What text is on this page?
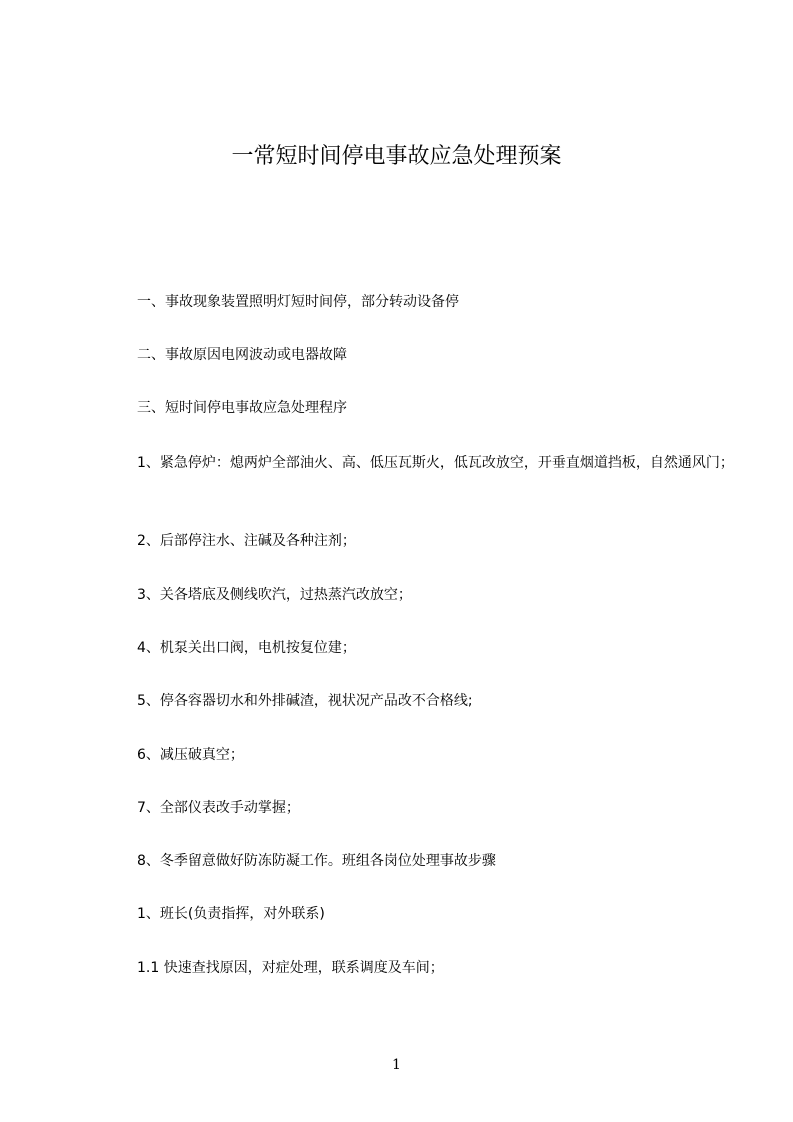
一常短时间停电事故应急处理预案
一、事故现象装置照明灯短时间停，部分转动设备停
二、事故原因电网波动或电器故障
三、短时间停电事故应急处理程序
1、紧急停炉：熄两炉全部油火、高、低压瓦斯火，低瓦改放空，开垂直烟道挡板，自然通风门；
2、后部停注水、注碱及各种注剂；
3、关各塔底及侧线吹汽，过热蒸汽改放空；
4、机泵关出口阀，电机按复位建；
5、停各容器切水和外排碱渣，视状况产品改不合格线;
6、减压破真空；
7、全部仪表改手动掌握；
8、冬季留意做好防冻防凝工作。班组各岗位处理事故步骤
1、班长(负责指挥，对外联系)
1.1 快速查找原因，对症处理，联系调度及车间；
1
